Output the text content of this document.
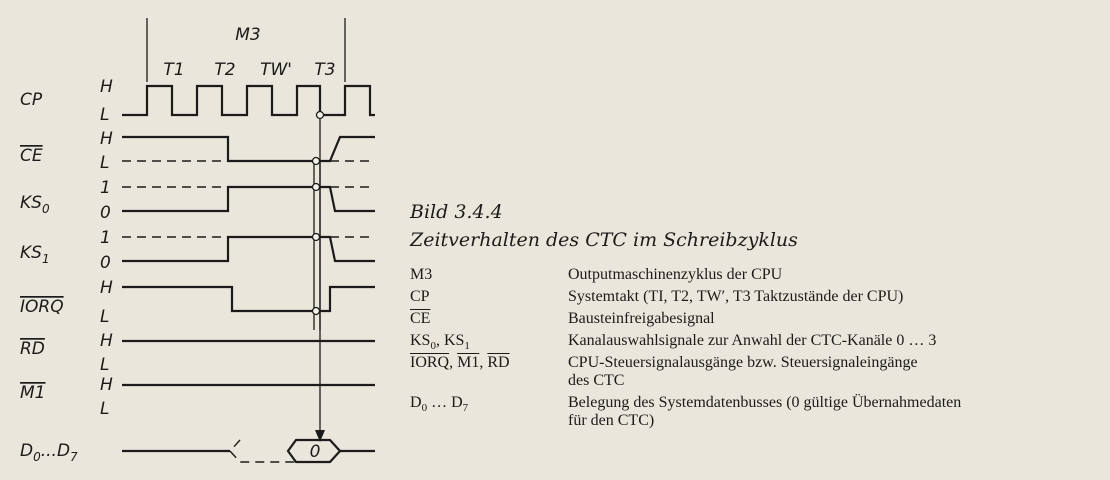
M3
T1 T2 TW' T3
CP
CE
$KS_0$
$KS_1$
IORQ
RD
M1
$D_0...D_7$
H
L
H
L
1
0
1
0
H
L
H
L
H
L
0
Bild 3.4.4
Zeitverhalten des CTC im Schreibzyklus
M3	Outputmaschinenzyklus der CPU
CP	Systemtakt (TI, T2, TW′, T3 Taktzustände der CPU)
$\overline{CE}$	Bausteinfreigabesignal
$KS_0$, $KS_1$	Kanalauswahlsignale zur Anwahl der CTC-Kanäle 0 … 3
IORQ, M1, $\overline{RD}$	CPU-Steuersignalausgänge bzw. Steuersignaleingänge
des CTC
$D_0$ … $D_7$	Belegung des Systemdatenbusses (0 gültige Übernahmedaten
für den CTC)
